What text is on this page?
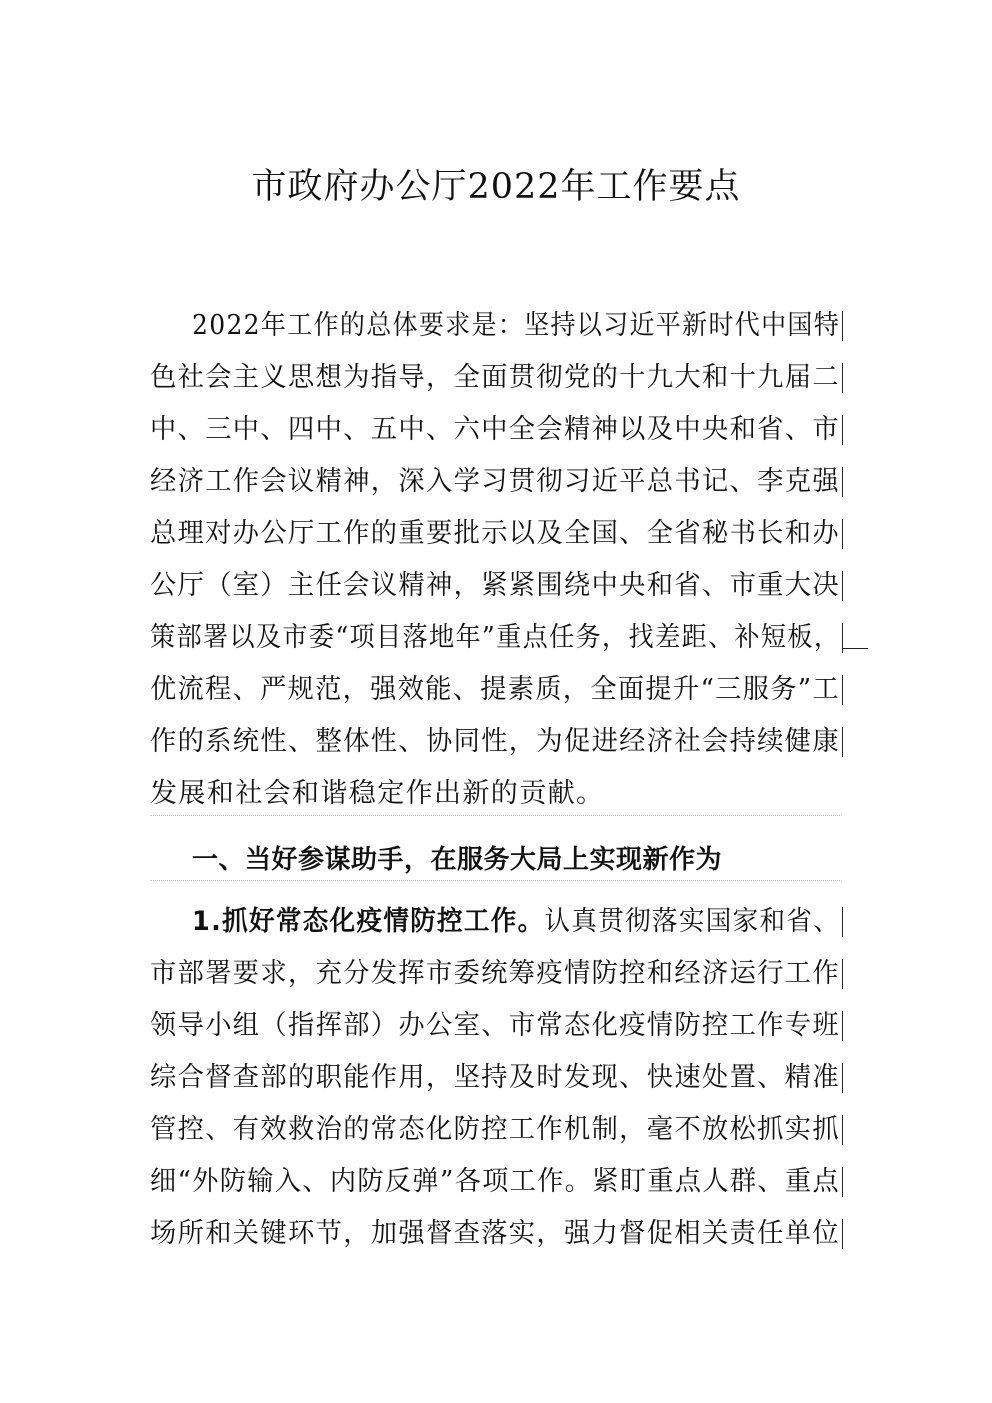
市政府办公厅2022年工作要点
2022年工作的总体要求是：坚持以习近平新时代中国特
色社会主义思想为指导，全面贯彻党的十九大和十九届二
中、三中、四中、五中、六中全会精神以及中央和省、市
经济工作会议精神，深入学习贯彻习近平总书记、李克强
总理对办公厅工作的重要批示以及全国、全省秘书长和办
公厅（室）主任会议精神，紧紧围绕中央和省、市重大决
策部署以及市委“项目落地年”重点任务，找差距、补短板，
优流程、严规范，强效能、提素质，全面提升“三服务”工
作的系统性、整体性、协同性，为促进经济社会持续健康
发展和社会和谐稳定作出新的贡献。
一、当好参谋助手，在服务大局上实现新作为
1.抓好常态化疫情防控工作。认真贯彻落实国家和省、
市部署要求，充分发挥市委统筹疫情防控和经济运行工作
领导小组（指挥部）办公室、市常态化疫情防控工作专班
综合督查部的职能作用，坚持及时发现、快速处置、精准
管控、有效救治的常态化防控工作机制，毫不放松抓实抓
细“外防输入、内防反弹”各项工作。紧盯重点人群、重点
场所和关键环节，加强督查落实，强力督促相关责任单位
